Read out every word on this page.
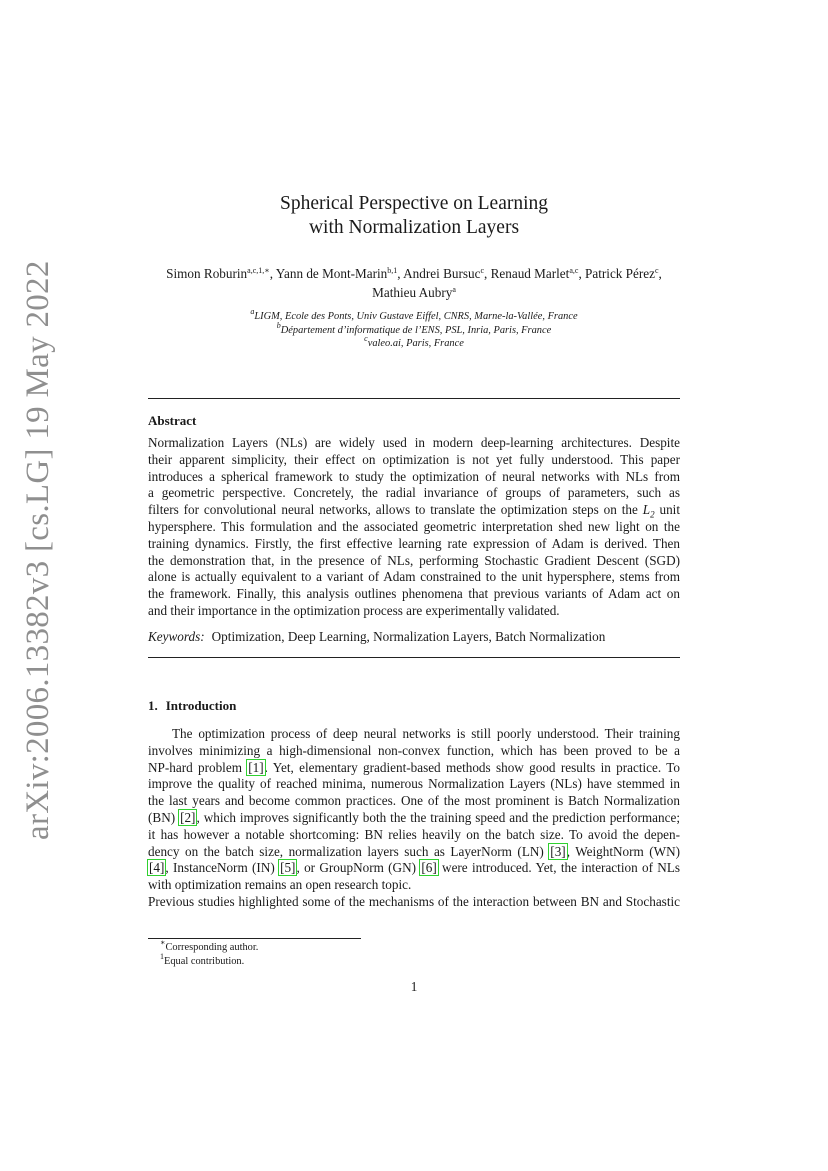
arXiv:2006.13382v3 [cs.LG] 19 May 2022
Spherical Perspective on Learning
with Normalization Layers
Simon Roburin$^{a,c,1,∗}$, Yann de Mont-Marin$^{b,1}$, Andrei Bursuc$^c$, Renaud Marlet$^{a,c}$, Patrick Pérez$^c$,
Mathieu Aubry$^a$
$^a$LIGM, Ecole des Ponts, Univ Gustave Eiffel, CNRS, Marne-la-Vallée, France
$^b$Département d’informatique de l’ENS, PSL, Inria, Paris, France
$^c$valeo.ai, Paris, France
Abstract
Normalization Layers (NLs) are widely used in modern deep-learning architectures. Despite
their apparent simplicity, their effect on optimization is not yet fully understood. This paper
introduces a spherical framework to study the optimization of neural networks with NLs from
a geometric perspective. Concretely, the radial invariance of groups of parameters, such as
filters for convolutional neural networks, allows to translate the optimization steps on the $L_2$ unit
hypersphere. This formulation and the associated geometric interpretation shed new light on the
training dynamics. Firstly, the first effective learning rate expression of Adam is derived. Then
the demonstration that, in the presence of NLs, performing Stochastic Gradient Descent (SGD)
alone is actually equivalent to a variant of Adam constrained to the unit hypersphere, stems from
the framework. Finally, this analysis outlines phenomena that previous variants of Adam act on
and their importance in the optimization process are experimentally validated.
Keywords: Optimization, Deep Learning, Normalization Layers, Batch Normalization
1. Introduction
The optimization process of deep neural networks is still poorly understood. Their training
involves minimizing a high-dimensional non-convex function, which has been proved to be a
NP-hard problem [1]. Yet, elementary gradient-based methods show good results in practice. To
improve the quality of reached minima, numerous Normalization Layers (NLs) have stemmed in
the last years and become common practices. One of the most prominent is Batch Normalization
(BN) [2], which improves significantly both the the training speed and the prediction performance;
it has however a notable shortcoming: BN relies heavily on the batch size. To avoid the depen-
dency on the batch size, normalization layers such as LayerNorm (LN) [3], WeightNorm (WN)
[4], InstanceNorm (IN) [5], or GroupNorm (GN) [6] were introduced. Yet, the interaction of NLs
with optimization remains an open research topic.
Previous studies highlighted some of the mechanisms of the interaction between BN and Stochastic
∗Corresponding author.
$^1$Equal contribution.
1
